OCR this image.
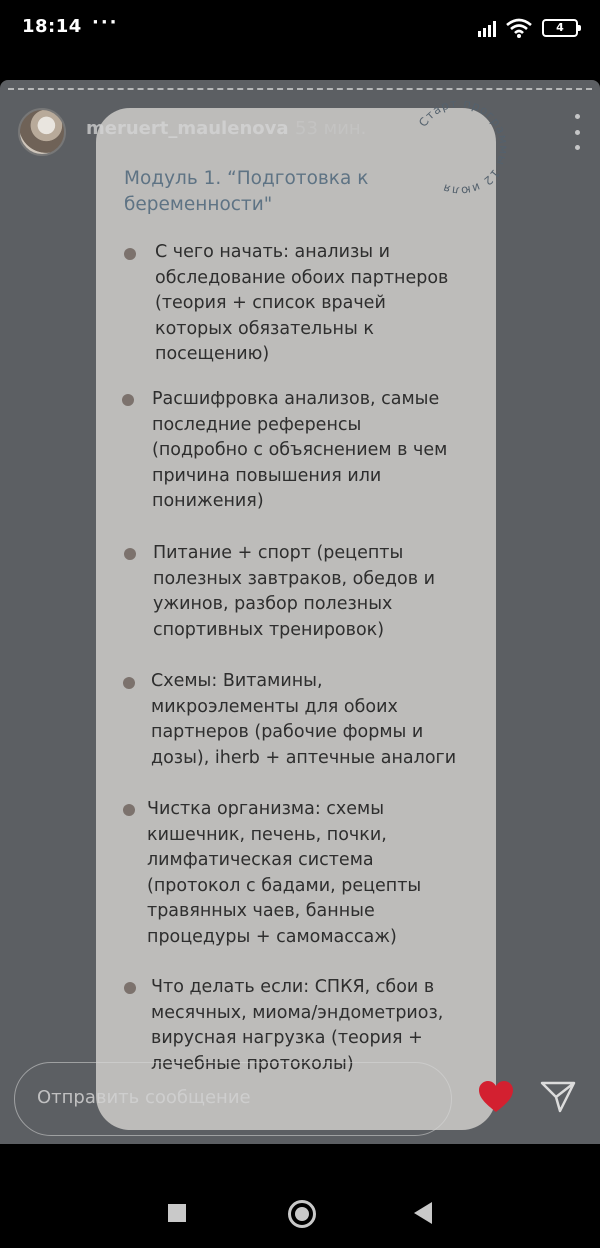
18:14 ···	4
meruert_maulenova 53 мин.	Старт программы 12 июля
Модуль 1. “Подготовка к беременности"
С чего начать: анализы и
обследование обоих партнеров
(теория + список врачей
которых обязательны к
посещению)
Расшифровка анализов, самые
последние референсы
(подробно с объяснением в чем
причина повышения или
понижения)
Питание + спорт (рецепты
полезных завтраков, обедов и
ужинов, разбор полезных
спортивных тренировок)
Схемы: Витамины,
микроэлементы для обоих
партнеров (рабочие формы и
дозы), iherb + аптечные аналоги
Чистка организма: схемы
кишечник, печень, почки,
лимфатическая система
(протокол с бадами, рецепты
травянных чаев, банные
процедуры + самомассаж)
Что делать если: СПКЯ, сбои в
месячных, миома/эндометриоз,
вирусная нагрузка (теория +
лечебные протоколы)
Отправить сообщение
